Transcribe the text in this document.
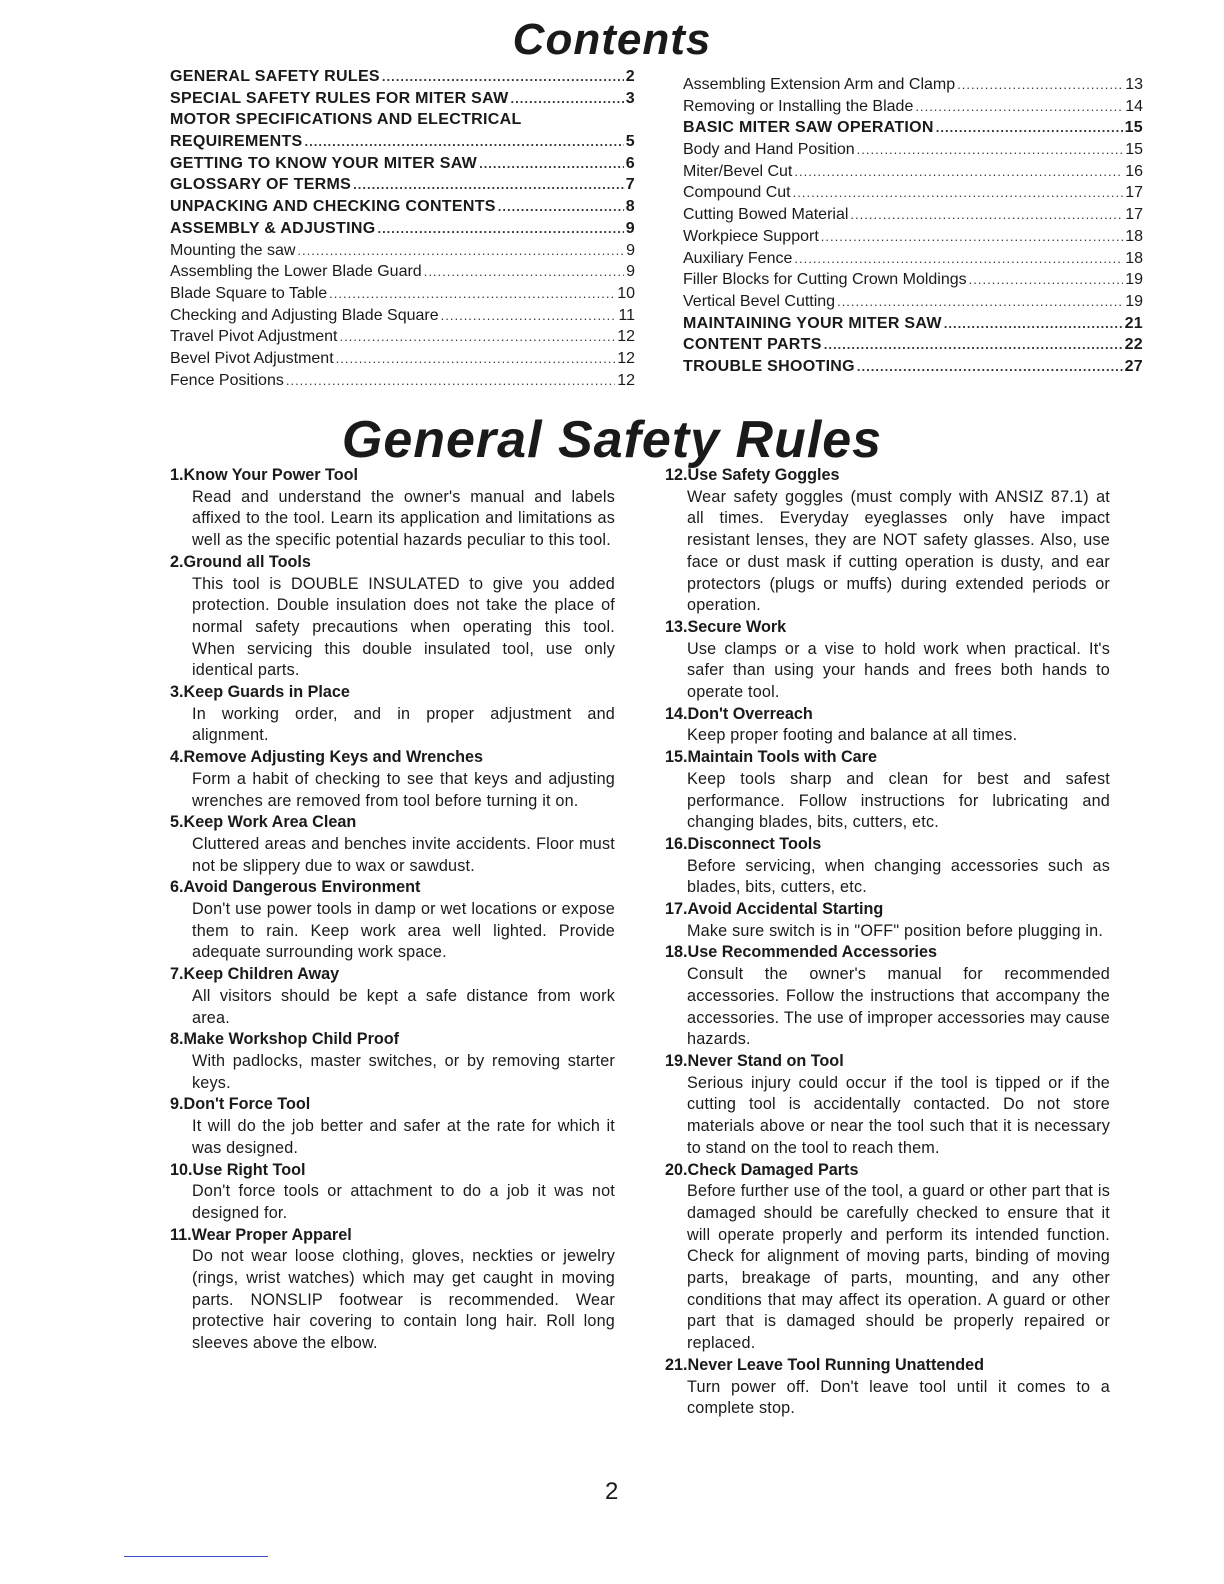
Contents
GENERAL SAFETY RULES .....	2
SPECIAL SAFETY RULES FOR MITER SAW .....	3
MOTOR SPECIFICATIONS AND ELECTRICAL
REQUIREMENTS .....	5
GETTING TO KNOW YOUR MITER SAW .....	6
GLOSSARY OF TERMS .....	7
UNPACKING AND CHECKING CONTENTS .....	8
ASSEMBLY & ADJUSTING .....	9
Mounting the saw .....	9
Assembling the Lower Blade Guard .....	9
Blade Square to Table .....	10
Checking and Adjusting Blade Square .....	11
Travel Pivot Adjustment .....	12
Bevel Pivot Adjustment .....	12
Fence Positions .....	12
Assembling Extension Arm and Clamp .....	13
Removing or Installing the Blade .....	14
BASIC MITER SAW OPERATION .....	15
Body and Hand Position .....	15
Miter/Bevel Cut .....	16
Compound Cut .....	17
Cutting Bowed Material .....	17
Workpiece Support .....	18
Auxiliary Fence .....	18
Filler Blocks for Cutting Crown Moldings .....	19
Vertical Bevel Cutting .....	19
MAINTAINING YOUR MITER SAW .....	21
CONTENT PARTS .....	22
TROUBLE SHOOTING .....	27
General Safety Rules

1.Know Your Power Tool

Read and understand the owner's manual and labels affixed to the tool. Learn its application and limitations as well as the specific potential hazards peculiar to this tool.

2.Ground all Tools

This tool is DOUBLE INSULATED to give you added protection. Double insulation does not take the place of normal safety precautions when operating this tool. When servicing this double insulated tool, use only identical parts.

3.Keep Guards in Place

In working order, and in proper adjustment and alignment.

4.Remove Adjusting Keys and Wrenches

Form a habit of checking to see that keys and adjusting wrenches are removed from tool before turning it on.

5.Keep Work Area Clean

Cluttered areas and benches invite accidents. Floor must not be slippery due to wax or sawdust.

6.Avoid Dangerous Environment

Don't use power tools in damp or wet locations or expose them to rain. Keep work area well lighted. Provide adequate surrounding work space.

7.Keep Children Away

All visitors should be kept a safe distance from work area.

8.Make Workshop Child Proof

With padlocks, master switches, or by removing starter keys.

9.Don't Force Tool

It will do the job better and safer at the rate for which it was designed.

10.Use Right Tool

Don't force tools or attachment to do a job it was not designed for.

11.Wear Proper Apparel

Do not wear loose clothing, gloves, neckties or jewelry (rings, wrist watches) which may get caught in moving parts. NONSLIP footwear is recommended. Wear protective hair covering to contain long hair. Roll long sleeves above the elbow.

12.Use Safety Goggles

Wear safety goggles (must comply with ANSIZ 87.1) at all times. Everyday eyeglasses only have impact resistant lenses, they are NOT safety glasses. Also, use face or dust mask if cutting operation is dusty, and ear protectors (plugs or muffs) during extended periods or operation.

13.Secure Work

Use clamps or a vise to hold work when practical. It's safer than using your hands and frees both hands to operate tool.

14.Don't Overreach

Keep proper footing and balance at all times.

15.Maintain Tools with Care

Keep tools sharp and clean for best and safest performance. Follow instructions for lubricating and changing blades, bits, cutters, etc.

16.Disconnect Tools

Before servicing, when changing accessories such as blades, bits, cutters, etc.

17.Avoid Accidental Starting

Make sure switch is in "OFF" position before plugging in.

18.Use Recommended Accessories

Consult the owner's manual for recommended accessories. Follow the instructions that accompany the accessories. The use of improper accessories may cause hazards.

19.Never Stand on Tool

Serious injury could occur if the tool is tipped or if the cutting tool is accidentally contacted. Do not store materials above or near the tool such that it is necessary to stand on the tool to reach them.

20.Check Damaged Parts

Before further use of the tool, a guard or other part that is damaged should be carefully checked to ensure that it will operate properly and perform its intended function. Check for alignment of moving parts, binding of moving parts, breakage of parts, mounting, and any other conditions that may affect its operation. A guard or other part that is damaged should be properly repaired or replaced.

21.Never Leave Tool Running Unattended

Turn power off. Don't leave tool until it comes to a complete stop.

2
